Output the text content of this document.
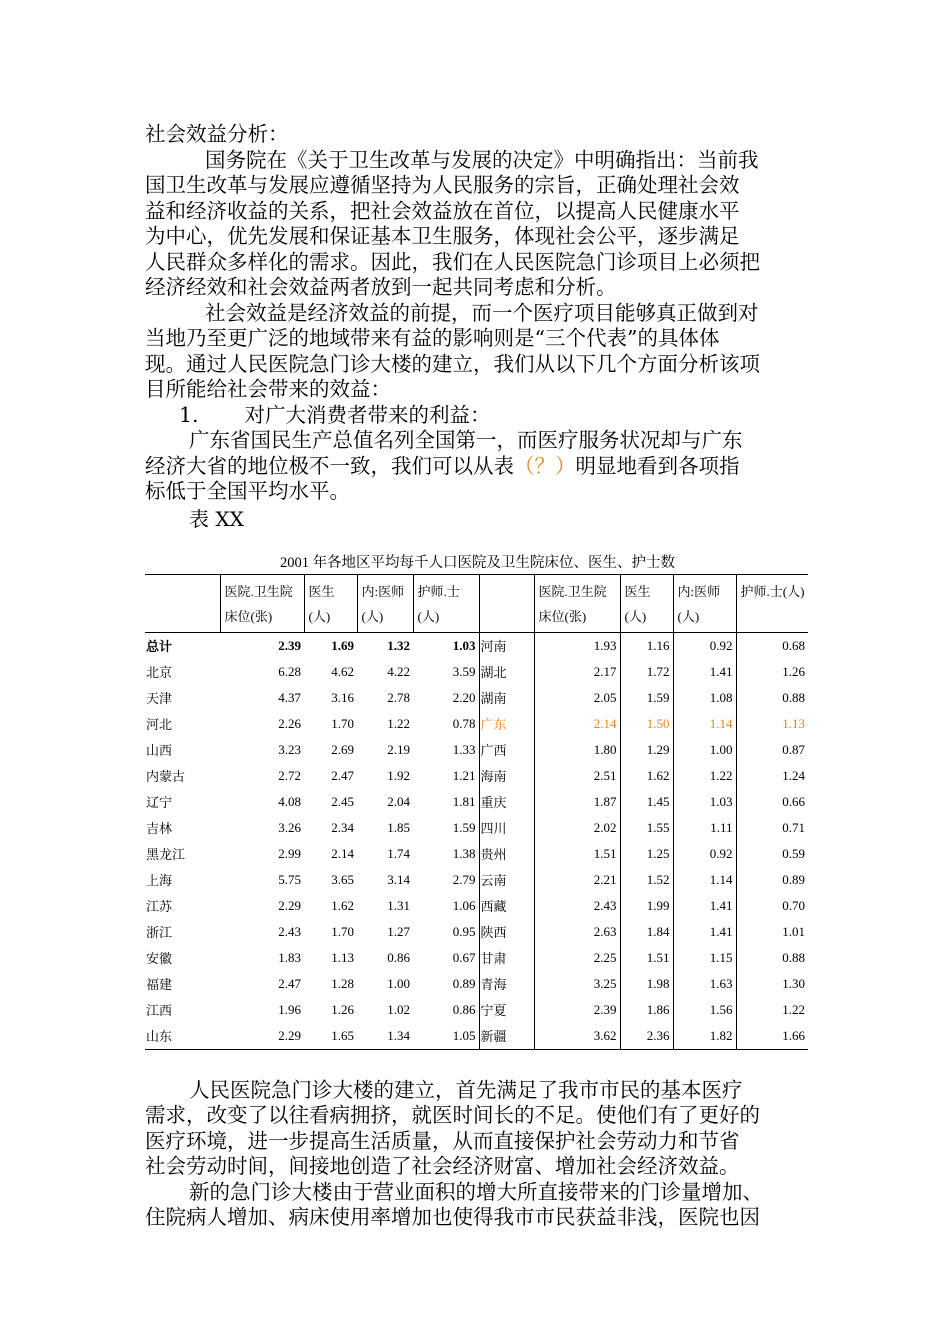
社会效益分析：

国务院在《关于卫生改革与发展的决定》中明确指出：当前我

国卫生改革与发展应遵循坚持为人民服务的宗旨，正确处理社会效

益和经济收益的关系，把社会效益放在首位，以提高人民健康水平

为中心，优先发展和保证基本卫生服务，体现社会公平，逐步满足

人民群众多样化的需求。因此，我们在人民医院急门诊项目上必须把

经济经效和社会效益两者放到一起共同考虑和分析。

社会效益是经济效益的前提，而一个医疗项目能够真正做到对

当地乃至更广泛的地域带来有益的影响则是“三个代表”的具体体

现。通过人民医院急门诊大楼的建立，我们从以下几个方面分析该项

目所能给社会带来的效益：

1. 对广大消费者带来的利益：

广东省国民生产总值名列全国第一，而医疗服务状况却与广东

经济大省的地位极不一致，我们可以从表（？）明显地看到各项指

标低于全国平均水平。

表 XX

2001 年各地区平均每千人口医院及卫生院床位、医生、护士数
	医院.卫生院床位(张)	医生(人)	内:医师(人)	护师.士(人)		医院.卫生院床位(张)	医生(人)	内:医师(人)	护师.士(人)
总计	2.39	1.69	1.32	1.03	河南	1.93	1.16	0.92	0.68
北京	6.28	4.62	4.22	3.59	湖北	2.17	1.72	1.41	1.26
天津	4.37	3.16	2.78	2.20	湖南	2.05	1.59	1.08	0.88
河北	2.26	1.70	1.22	0.78	广东	2.14	1.50	1.14	1.13
山西	3.23	2.69	2.19	1.33	广西	1.80	1.29	1.00	0.87
内蒙古	2.72	2.47	1.92	1.21	海南	2.51	1.62	1.22	1.24
辽宁	4.08	2.45	2.04	1.81	重庆	1.87	1.45	1.03	0.66
吉林	3.26	2.34	1.85	1.59	四川	2.02	1.55	1.11	0.71
黑龙江	2.99	2.14	1.74	1.38	贵州	1.51	1.25	0.92	0.59
上海	5.75	3.65	3.14	2.79	云南	2.21	1.52	1.14	0.89
江苏	2.29	1.62	1.31	1.06	西藏	2.43	1.99	1.41	0.70
浙江	2.43	1.70	1.27	0.95	陕西	2.63	1.84	1.41	1.01
安徽	1.83	1.13	0.86	0.67	甘肃	2.25	1.51	1.15	0.88
福建	2.47	1.28	1.00	0.89	青海	3.25	1.98	1.63	1.30
江西	1.96	1.26	1.02	0.86	宁夏	2.39	1.86	1.56	1.22
山东	2.29	1.65	1.34	1.05	新疆	3.62	2.36	1.82	1.66

人民医院急门诊大楼的建立，首先满足了我市市民的基本医疗

需求，改变了以往看病拥挤，就医时间长的不足。使他们有了更好的

医疗环境，进一步提高生活质量，从而直接保护社会劳动力和节省

社会劳动时间，间接地创造了社会经济财富、增加社会经济效益。

新的急门诊大楼由于营业面积的增大所直接带来的门诊量增加、

住院病人增加、病床使用率增加也使得我市市民获益非浅，医院也因
